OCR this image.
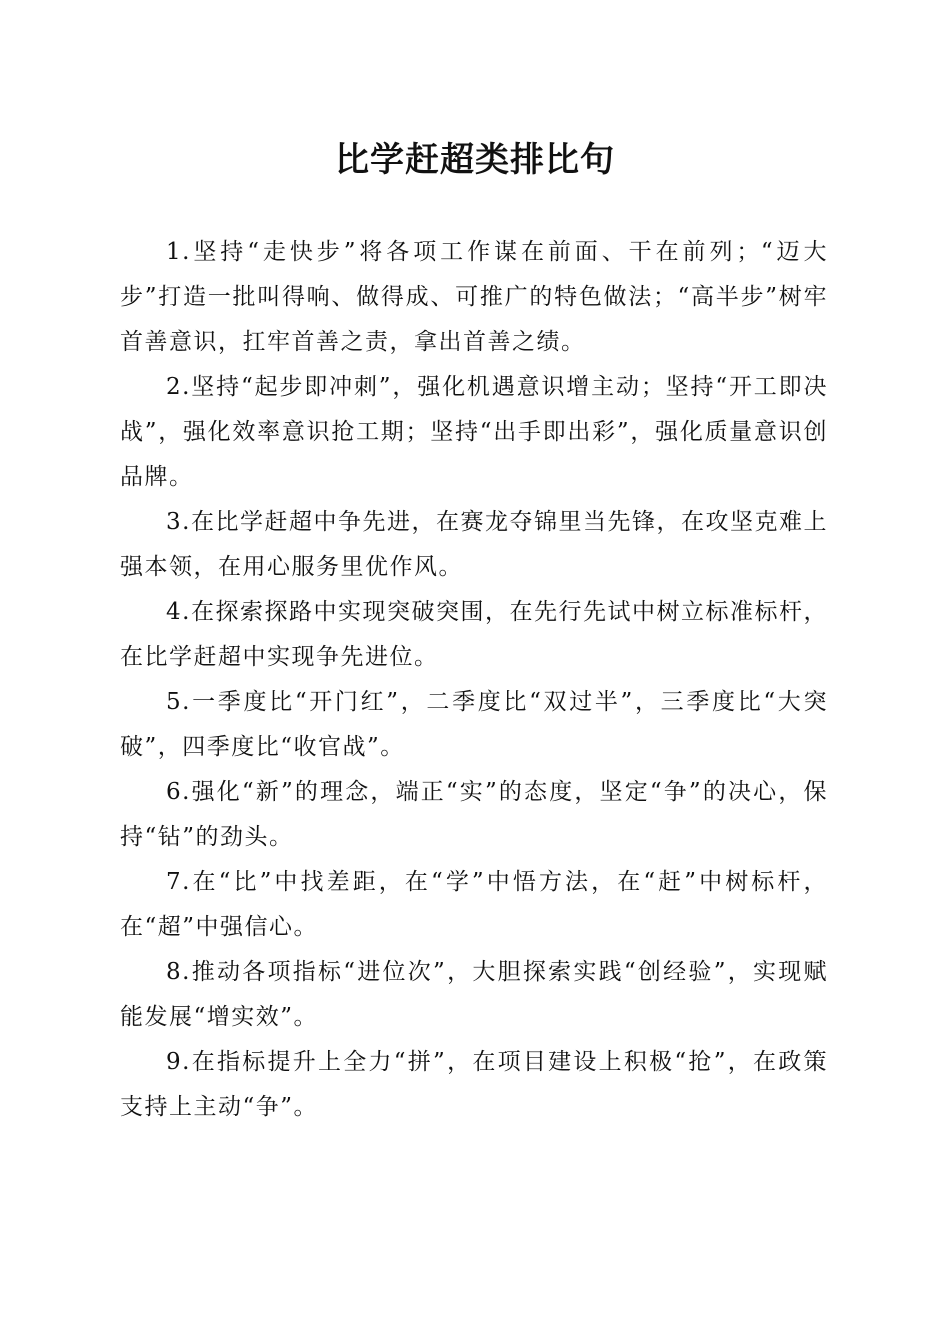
比学赶超类排比句

1.坚持“走快步”将各项工作谋在前面、干在前列；“迈大步”打造一批叫得响、做得成、可推广的特色做法；“高半步”树牢首善意识，扛牢首善之责，拿出首善之绩。

2.坚持“起步即冲刺”，强化机遇意识增主动；坚持“开工即决战”，强化效率意识抢工期；坚持“出手即出彩”，强化质量意识创品牌。

3.在比学赶超中争先进，在赛龙夺锦里当先锋，在攻坚克难上强本领，在用心服务里优作风。

4.在探索探路中实现突破突围，在先行先试中树立标准标杆，在比学赶超中实现争先进位。

5.一季度比“开门红”，二季度比“双过半”，三季度比“大突破”，四季度比“收官战”。

6.强化“新”的理念，端正“实”的态度，坚定“争”的决心，保持“钻”的劲头。

7.在“比”中找差距，在“学”中悟方法，在“赶”中树标杆，在“超”中强信心。

8.推动各项指标“进位次”，大胆探索实践“创经验”，实现赋能发展“增实效”。

9.在指标提升上全力“拼”，在项目建设上积极“抢”，在政策支持上主动“争”。
